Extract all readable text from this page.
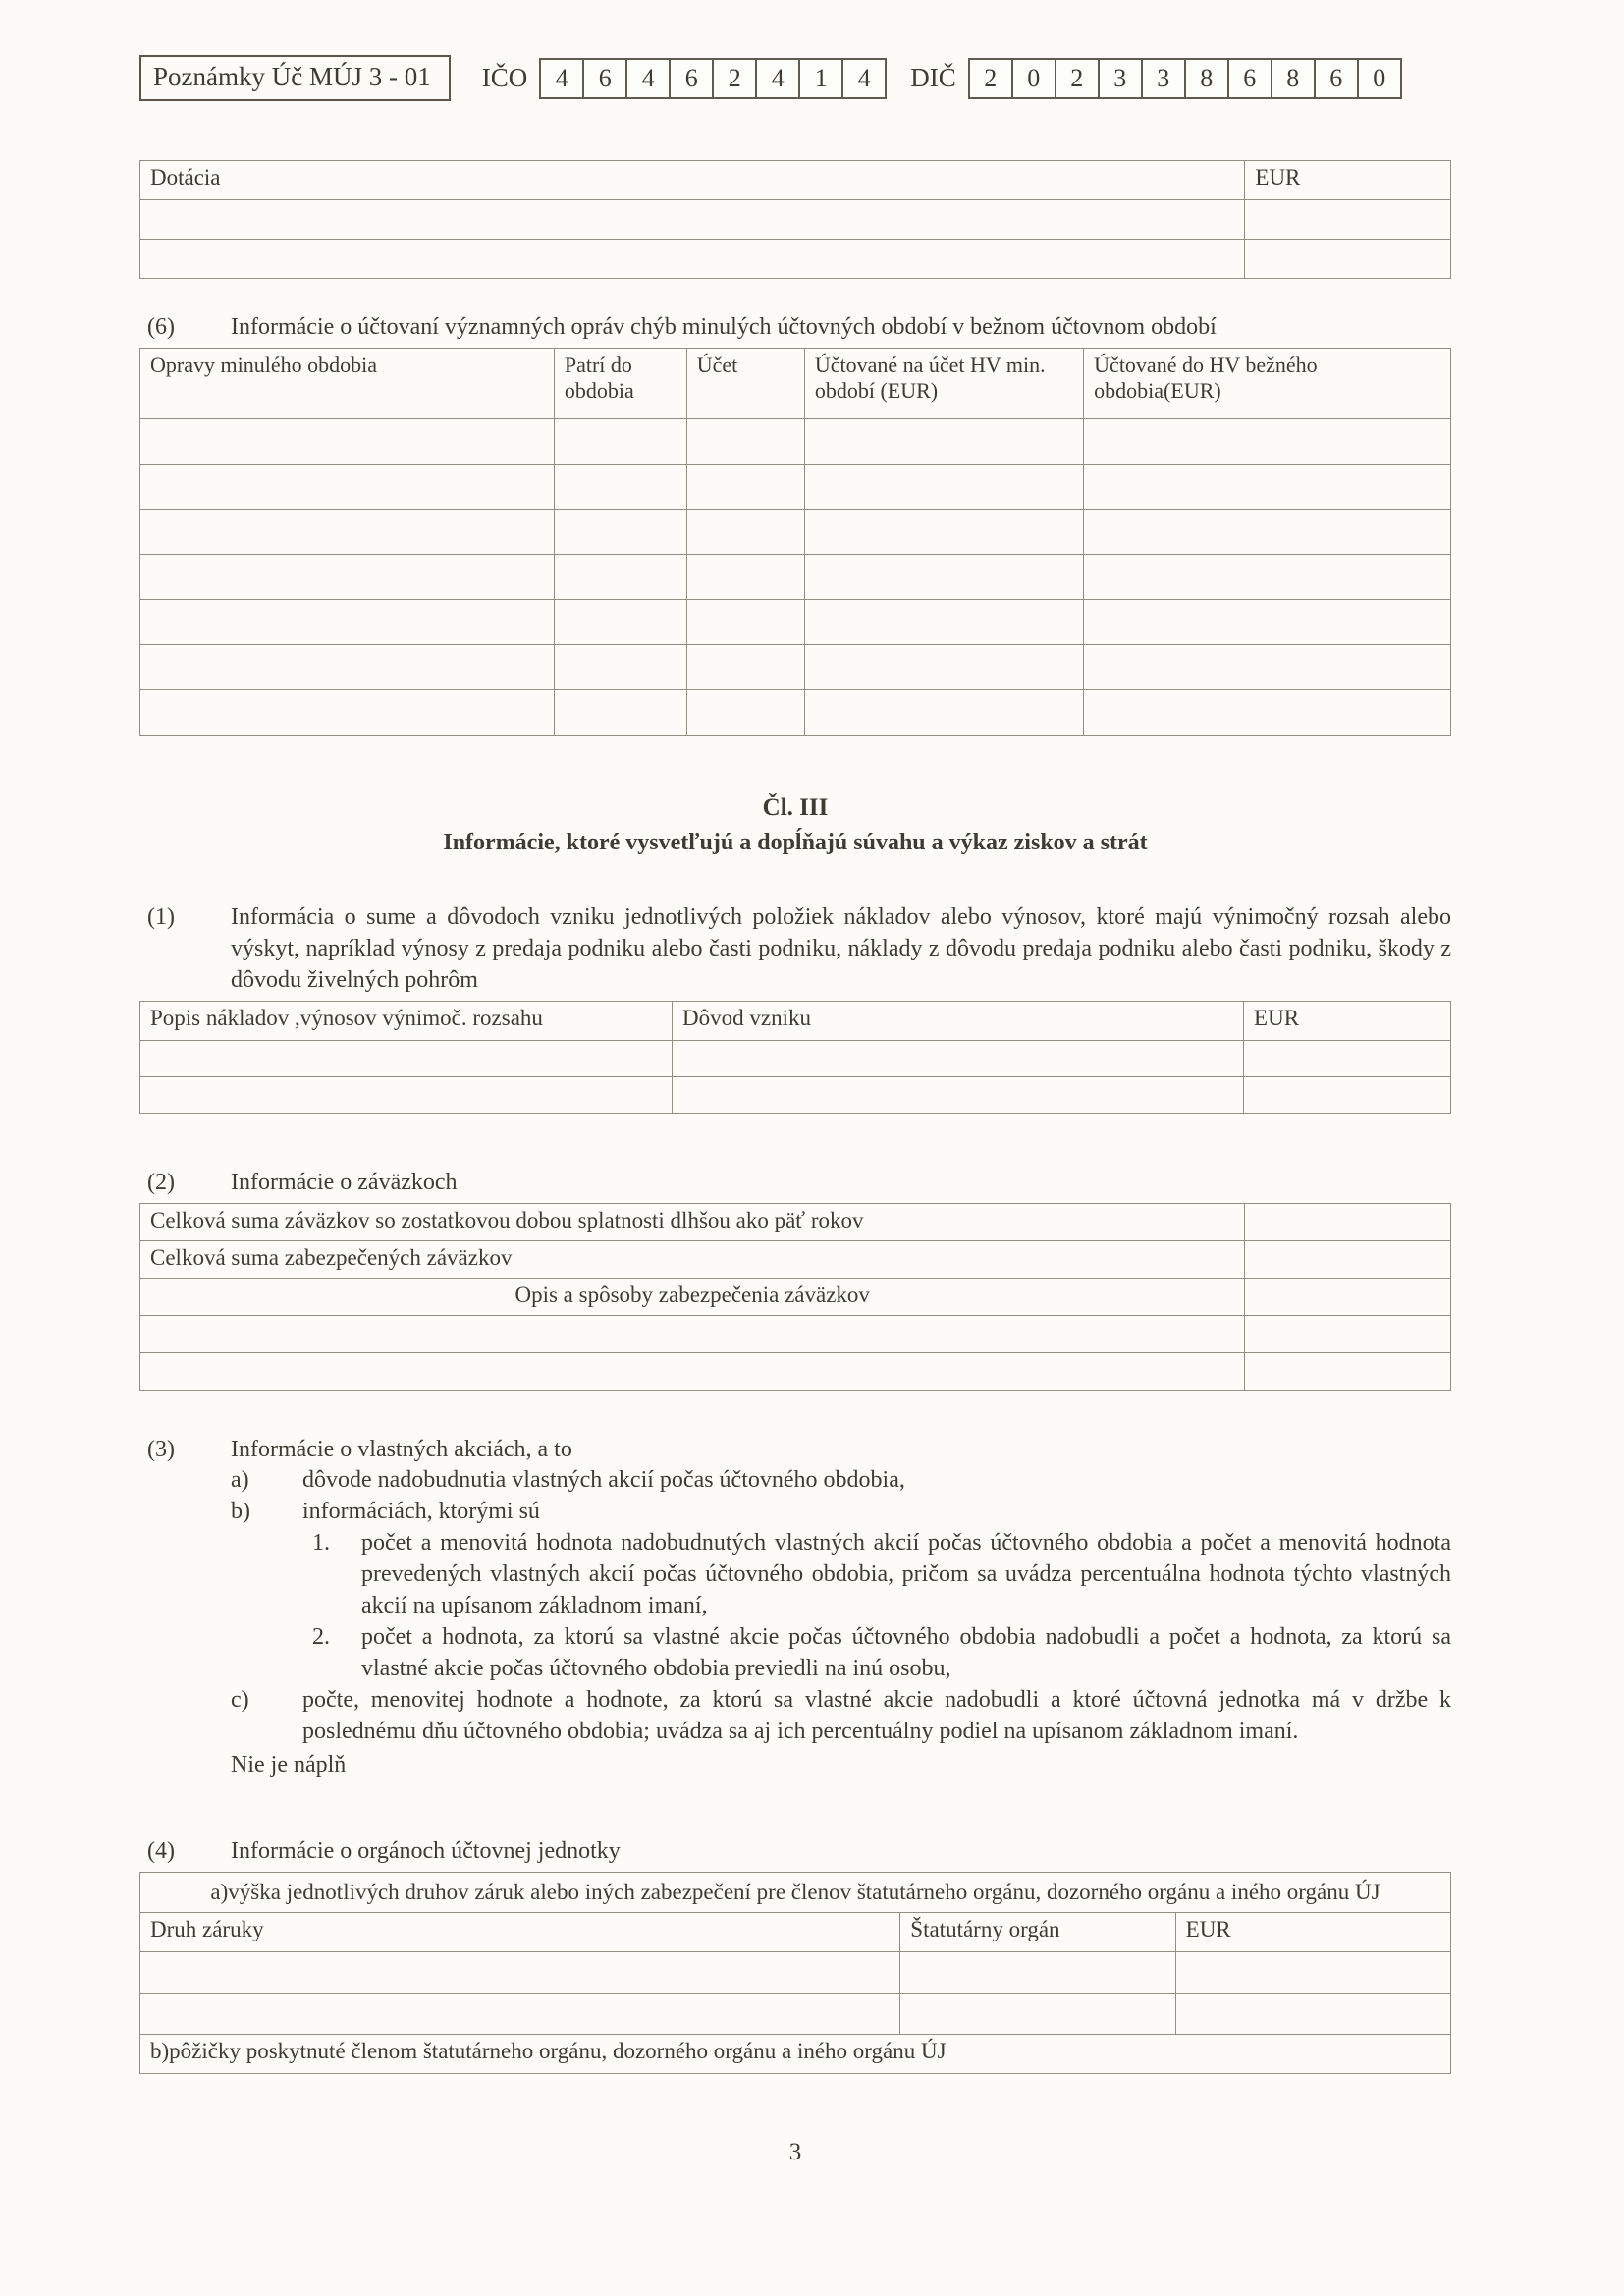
Poznámky Úč MÚJ 3 - 01	IČO	4	6	4	6	2	4	1	4	DIČ	2	0	2	3	3	8	6	8	6	0
Dotácia		EUR

(6)	Informácie o účtovaní významných opráv chýb minulých účtovných období v bežnom účtovnom období
Opravy minulého obdobia	Patrí do obdobia	Účet	Účtované na účet HV min. období (EUR)	Účtované do HV bežného obdobia(EUR)

Čl. III
Informácie, ktoré vysvetľujú a dopĺňajú súvahu a výkaz ziskov a strát
(1)	Informácia o sume a dôvodoch vzniku jednotlivých položiek nákladov alebo výnosov, ktoré majú výnimočný rozsah alebo výskyt, napríklad výnosy z predaja podniku alebo časti podniku, náklady z dôvodu predaja podniku alebo časti podniku, škody z dôvodu živelných pohrôm
Popis nákladov ,výnosov výnimoč. rozsahu	Dôvod vzniku	EUR

(2)	Informácie o záväzkoch
Celková suma záväzkov so zostatkovou dobou splatnosti dlhšou ako päť rokov	
Celková suma zabezpečených záväzkov	
Opis a spôsoby zabezpečenia záväzkov	

(3)	Informácie o vlastných akciách, a to
a)	dôvode nadobudnutia vlastných akcií počas účtovného obdobia,
b)	informáciách, ktorými sú
1.	počet a menovitá hodnota nadobudnutých vlastných akcií počas účtovného obdobia a počet a menovitá hodnota prevedených vlastných akcií počas účtovného obdobia, pričom sa uvádza percentuálna hodnota týchto vlastných akcií na upísanom základnom imaní,
2.	počet a hodnota, za ktorú sa vlastné akcie počas účtovného obdobia nadobudli a počet a hodnota, za ktorú sa vlastné akcie počas účtovného obdobia previedli na inú osobu,
c)	počte, menovitej hodnote a hodnote, za ktorú sa vlastné akcie nadobudli a ktoré účtovná jednotka má v držbe k poslednému dňu účtovného obdobia; uvádza sa aj ich percentuálny podiel na upísanom základnom imaní.
Nie je náplň
(4)	Informácie o orgánoch účtovnej jednotky
a)výška jednotlivých druhov záruk alebo iných zabezpečení pre členov štatutárneho orgánu, dozorného orgánu a iného orgánu ÚJ		
Druh záruky	Štatutárny orgán	EUR

b)pôžičky poskytnuté členom štatutárneho orgánu, dozorného orgánu a iného orgánu ÚJ		
3
